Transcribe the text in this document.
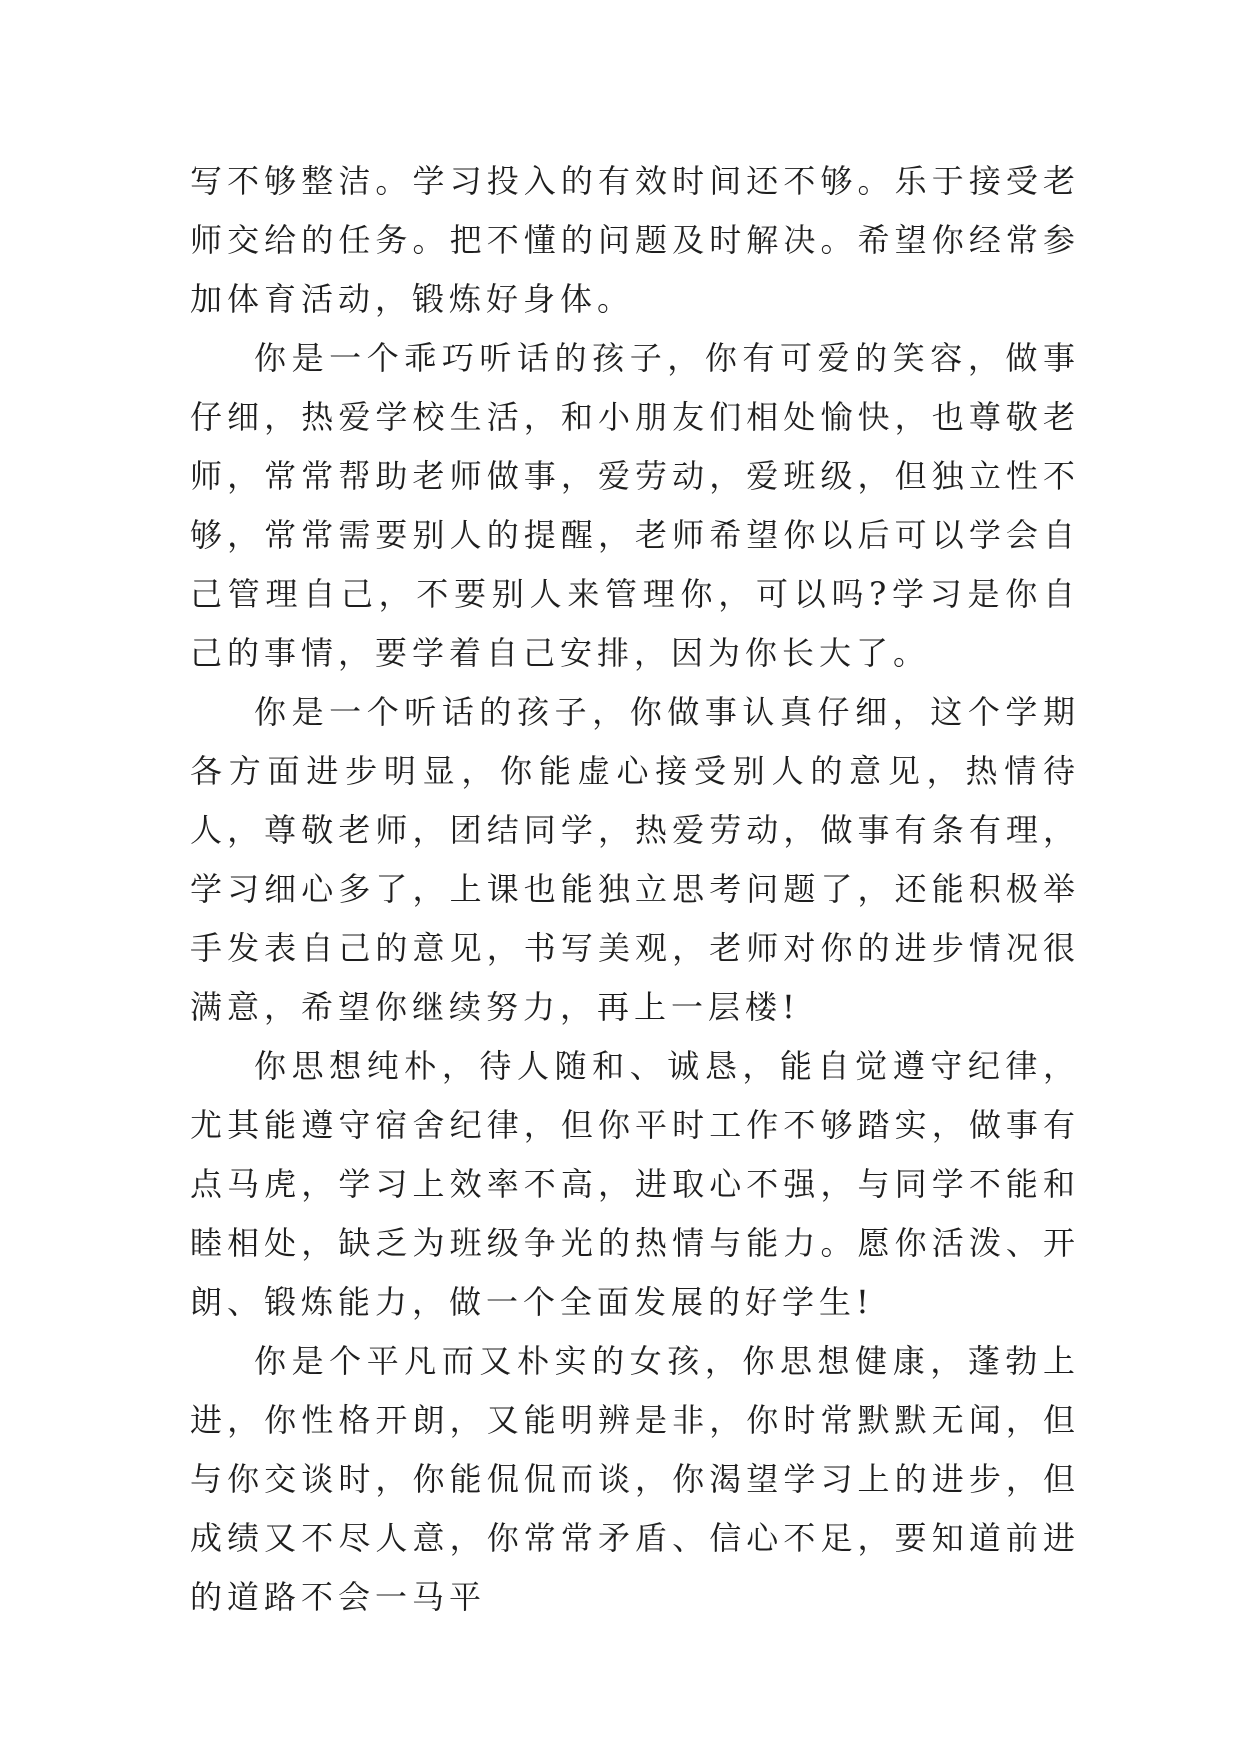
写不够整洁。学习投入的有效时间还不够。乐于接受老师交给的任务。把不懂的问题及时解决。希望你经常参加体育活动，锻炼好身体。

你是一个乖巧听话的孩子，你有可爱的笑容，做事仔细，热爱学校生活，和小朋友们相处愉快，也尊敬老师，常常帮助老师做事，爱劳动，爱班级，但独立性不够，常常需要别人的提醒，老师希望你以后可以学会自己管理自己，不要别人来管理你，可以吗?学习是你自己的事情，要学着自己安排，因为你长大了。

你是一个听话的孩子，你做事认真仔细，这个学期各方面进步明显，你能虚心接受别人的意见，热情待人，尊敬老师，团结同学，热爱劳动，做事有条有理，学习细心多了，上课也能独立思考问题了，还能积极举手发表自己的意见，书写美观，老师对你的进步情况很满意，希望你继续努力，再上一层楼!

你思想纯朴，待人随和、诚恳，能自觉遵守纪律，尤其能遵守宿舍纪律，但你平时工作不够踏实，做事有点马虎，学习上效率不高，进取心不强，与同学不能和睦相处，缺乏为班级争光的热情与能力。愿你活泼、开朗、锻炼能力，做一个全面发展的好学生!

你是个平凡而又朴实的女孩，你思想健康，蓬勃上进，你性格开朗，又能明辨是非，你时常默默无闻，但与你交谈时，你能侃侃而谈，你渴望学习上的进步，但成绩又不尽人意，你常常矛盾、信心不足，要知道前进的道路不会一马平
